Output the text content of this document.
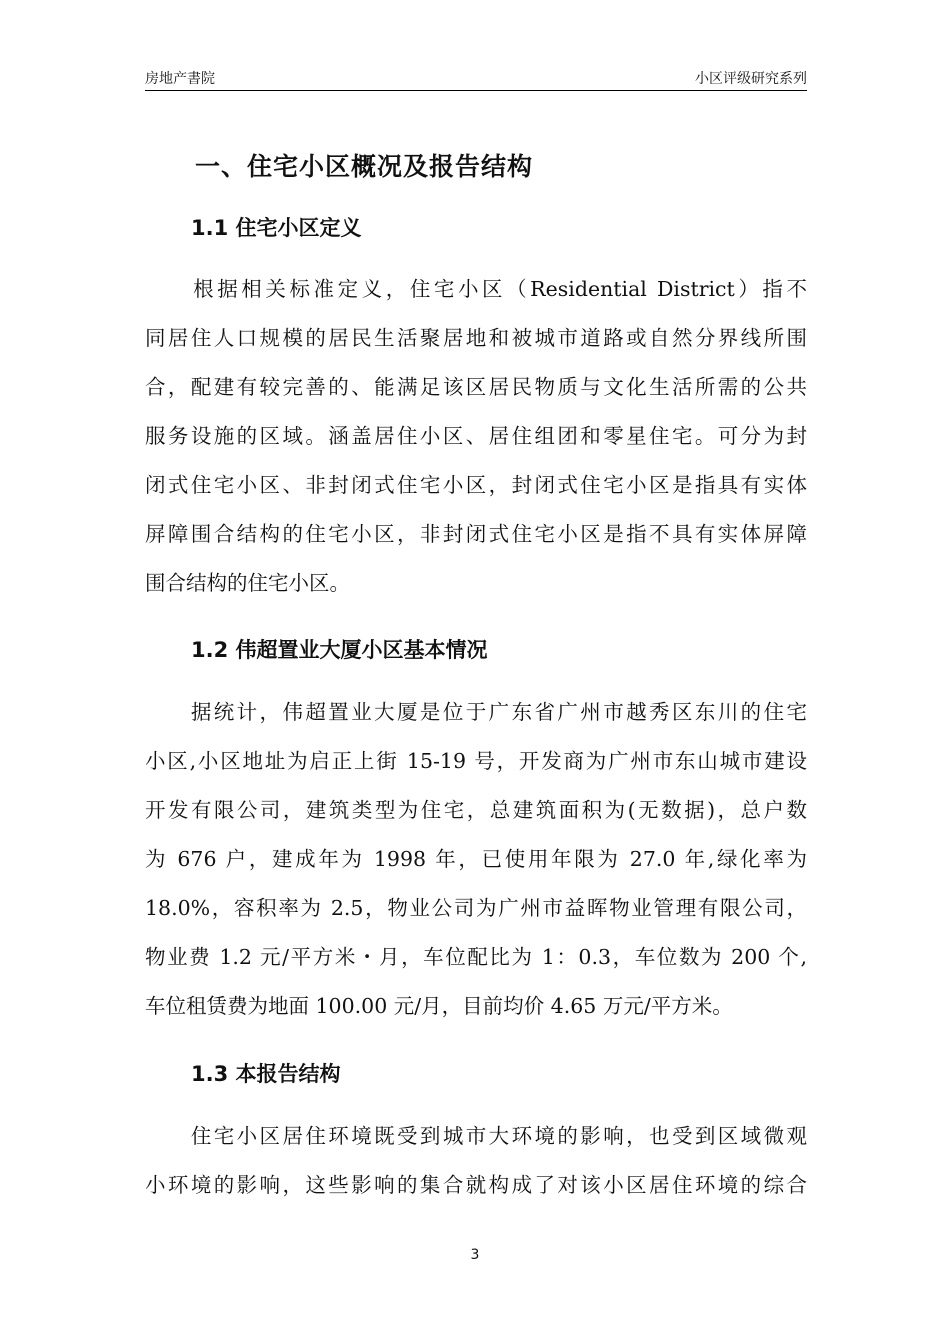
房地产書院	小区评级研究系列
一、住宅小区概况及报告结构
1.1 住宅小区定义
　　根据相关标准定义，住宅小区（Residential District）指不
同居住人口规模的居民生活聚居地和被城市道路或自然分界线所围
合，配建有较完善的、能满足该区居民物质与文化生活所需的公共
服务设施的区域。涵盖居住小区、居住组团和零星住宅。可分为封
闭式住宅小区、非封闭式住宅小区，封闭式住宅小区是指具有实体
屏障围合结构的住宅小区，非封闭式住宅小区是指不具有实体屏障
围合结构的住宅小区。
1.2 伟超置业大厦小区基本情况
　　据统计，伟超置业大厦是位于广东省广州市越秀区东川的住宅
小区,小区地址为启正上街 15-19 号，开发商为广州市东山城市建设
开发有限公司，建筑类型为住宅，总建筑面积为(无数据)，总户数
为 676 户，建成年为 1998 年，已使用年限为 27.0 年,绿化率为
18.0%，容积率为 2.5，物业公司为广州市益晖物业管理有限公司，
物业费 1.2 元/平方米・月，车位配比为 1：0.3，车位数为 200 个,
车位租赁费为地面 100.00 元/月，目前均价 4.65 万元/平方米。
1.3 本报告结构
　　住宅小区居住环境既受到城市大环境的影响，也受到区域微观
小环境的影响，这些影响的集合就构成了对该小区居住环境的综合
3
